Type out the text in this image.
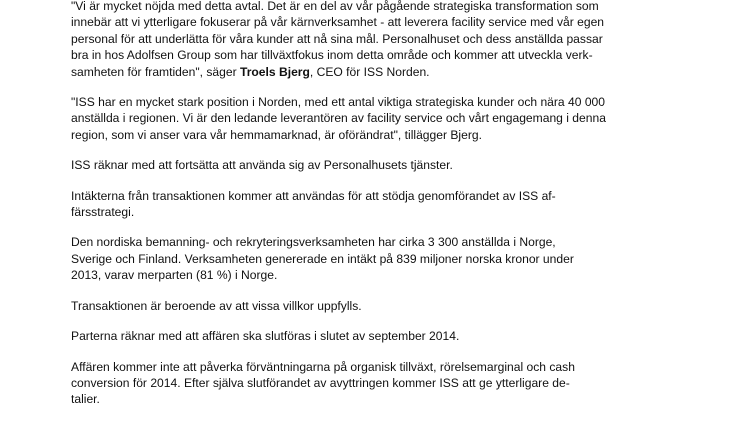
"Vi är mycket nöjda med detta avtal. Det är en del av vår pågående strategiska transformation som
innebär att vi ytterligare fokuserar på vår kärnverksamhet - att leverera facility service med vår egen
personal för att underlätta för våra kunder att nå sina mål. Personalhuset och dess anställda passar
bra in hos Adolfsen Group som har tillväxtfokus inom detta område och kommer att utveckla verk-
samheten för framtiden", säger Troels Bjerg, CEO för ISS Norden.

"ISS har en mycket stark position i Norden, med ett antal viktiga strategiska kunder och nära 40 000
anställda i regionen. Vi är den ledande leverantören av facility service och vårt engagemang i denna
region, som vi anser vara vår hemmamarknad, är oförändrat", tillägger Bjerg.

ISS räknar med att fortsätta att använda sig av Personalhusets tjänster.

Intäkterna från transaktionen kommer att användas för att stödja genomförandet av ISS af-
färsstrategi.

Den nordiska bemanning- och rekryteringsverksamheten har cirka 3 300 anställda i Norge,
Sverige och Finland. Verksamheten genererade en intäkt på 839 miljoner norska kronor under
2013, varav merparten (81 %) i Norge.

Transaktionen är beroende av att vissa villkor uppfylls.

Parterna räknar med att affären ska slutföras i slutet av september 2014.

Affären kommer inte att påverka förväntningarna på organisk tillväxt, rörelsemarginal och cash
conversion för 2014. Efter själva slutförandet av avyttringen kommer ISS att ge ytterligare de-
talier.
